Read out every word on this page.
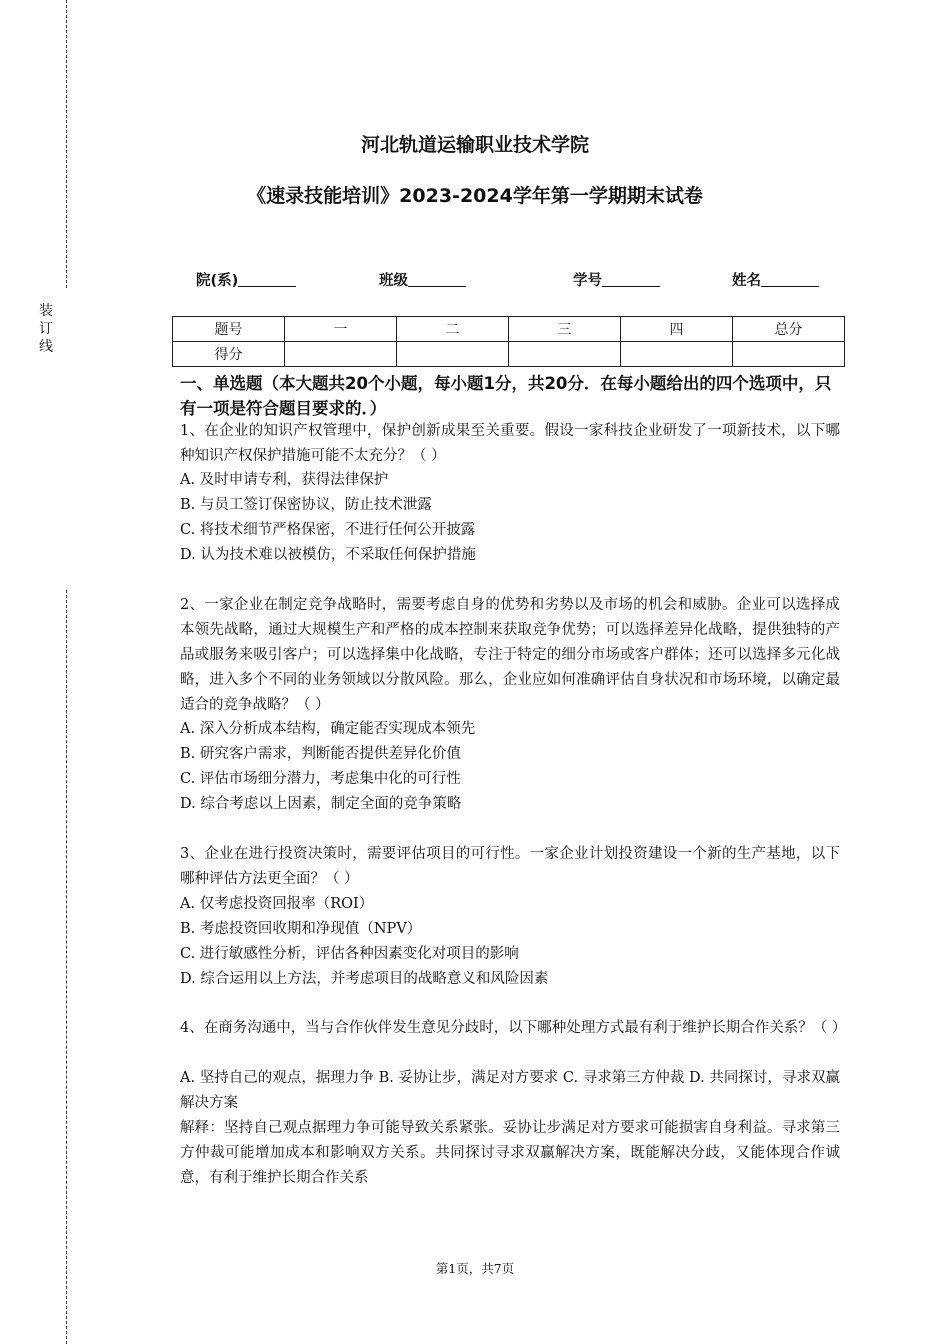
装订线
河北轨道运输职业技术学院
《速录技能培训》2023-2024学年第一学期期末试卷
院(系)	班级	学号	姓名
题号	一	二	三	四	总分
得分					
一、单选题（本大题共20个小题，每小题1分，共20分．在每小题给出的四个选项中，只有一项是符合题目要求的．）
1、在企业的知识产权管理中，保护创新成果至关重要。假设一家科技企业研发了一项新技术，以下哪种知识产权保护措施可能不太充分？（ ）
A. 及时申请专利，获得法律保护
B. 与员工签订保密协议，防止技术泄露
C. 将技术细节严格保密，不进行任何公开披露
D. 认为技术难以被模仿，不采取任何保护措施
2、一家企业在制定竞争战略时，需要考虑自身的优势和劣势以及市场的机会和威胁。企业可以选择成本领先战略，通过大规模生产和严格的成本控制来获取竞争优势；可以选择差异化战略，提供独特的产品或服务来吸引客户；可以选择集中化战略，专注于特定的细分市场或客户群体；还可以选择多元化战略，进入多个不同的业务领域以分散风险。那么，企业应如何准确评估自身状况和市场环境，以确定最适合的竞争战略？（ ）
A. 深入分析成本结构，确定能否实现成本领先
B. 研究客户需求，判断能否提供差异化价值
C. 评估市场细分潜力，考虑集中化的可行性
D. 综合考虑以上因素，制定全面的竞争策略
3、企业在进行投资决策时，需要评估项目的可行性。一家企业计划投资建设一个新的生产基地，以下哪种评估方法更全面？（ ）
A. 仅考虑投资回报率（ROI）
B. 考虑投资回收期和净现值（NPV）
C. 进行敏感性分析，评估各种因素变化对项目的影响
D. 综合运用以上方法，并考虑项目的战略意义和风险因素
4、在商务沟通中，当与合作伙伴发生意见分歧时，以下哪种处理方式最有利于维护长期合作关系？（ ）
A. 坚持自己的观点，据理力争 B. 妥协让步，满足对方要求 C. 寻求第三方仲裁 D. 共同探讨，寻求双赢解决方案
解释：坚持自己观点据理力争可能导致关系紧张。妥协让步满足对方要求可能损害自身利益。寻求第三方仲裁可能增加成本和影响双方关系。共同探讨寻求双赢解决方案，既能解决分歧，又能体现合作诚意，有利于维护长期合作关系
第1页，共7页
